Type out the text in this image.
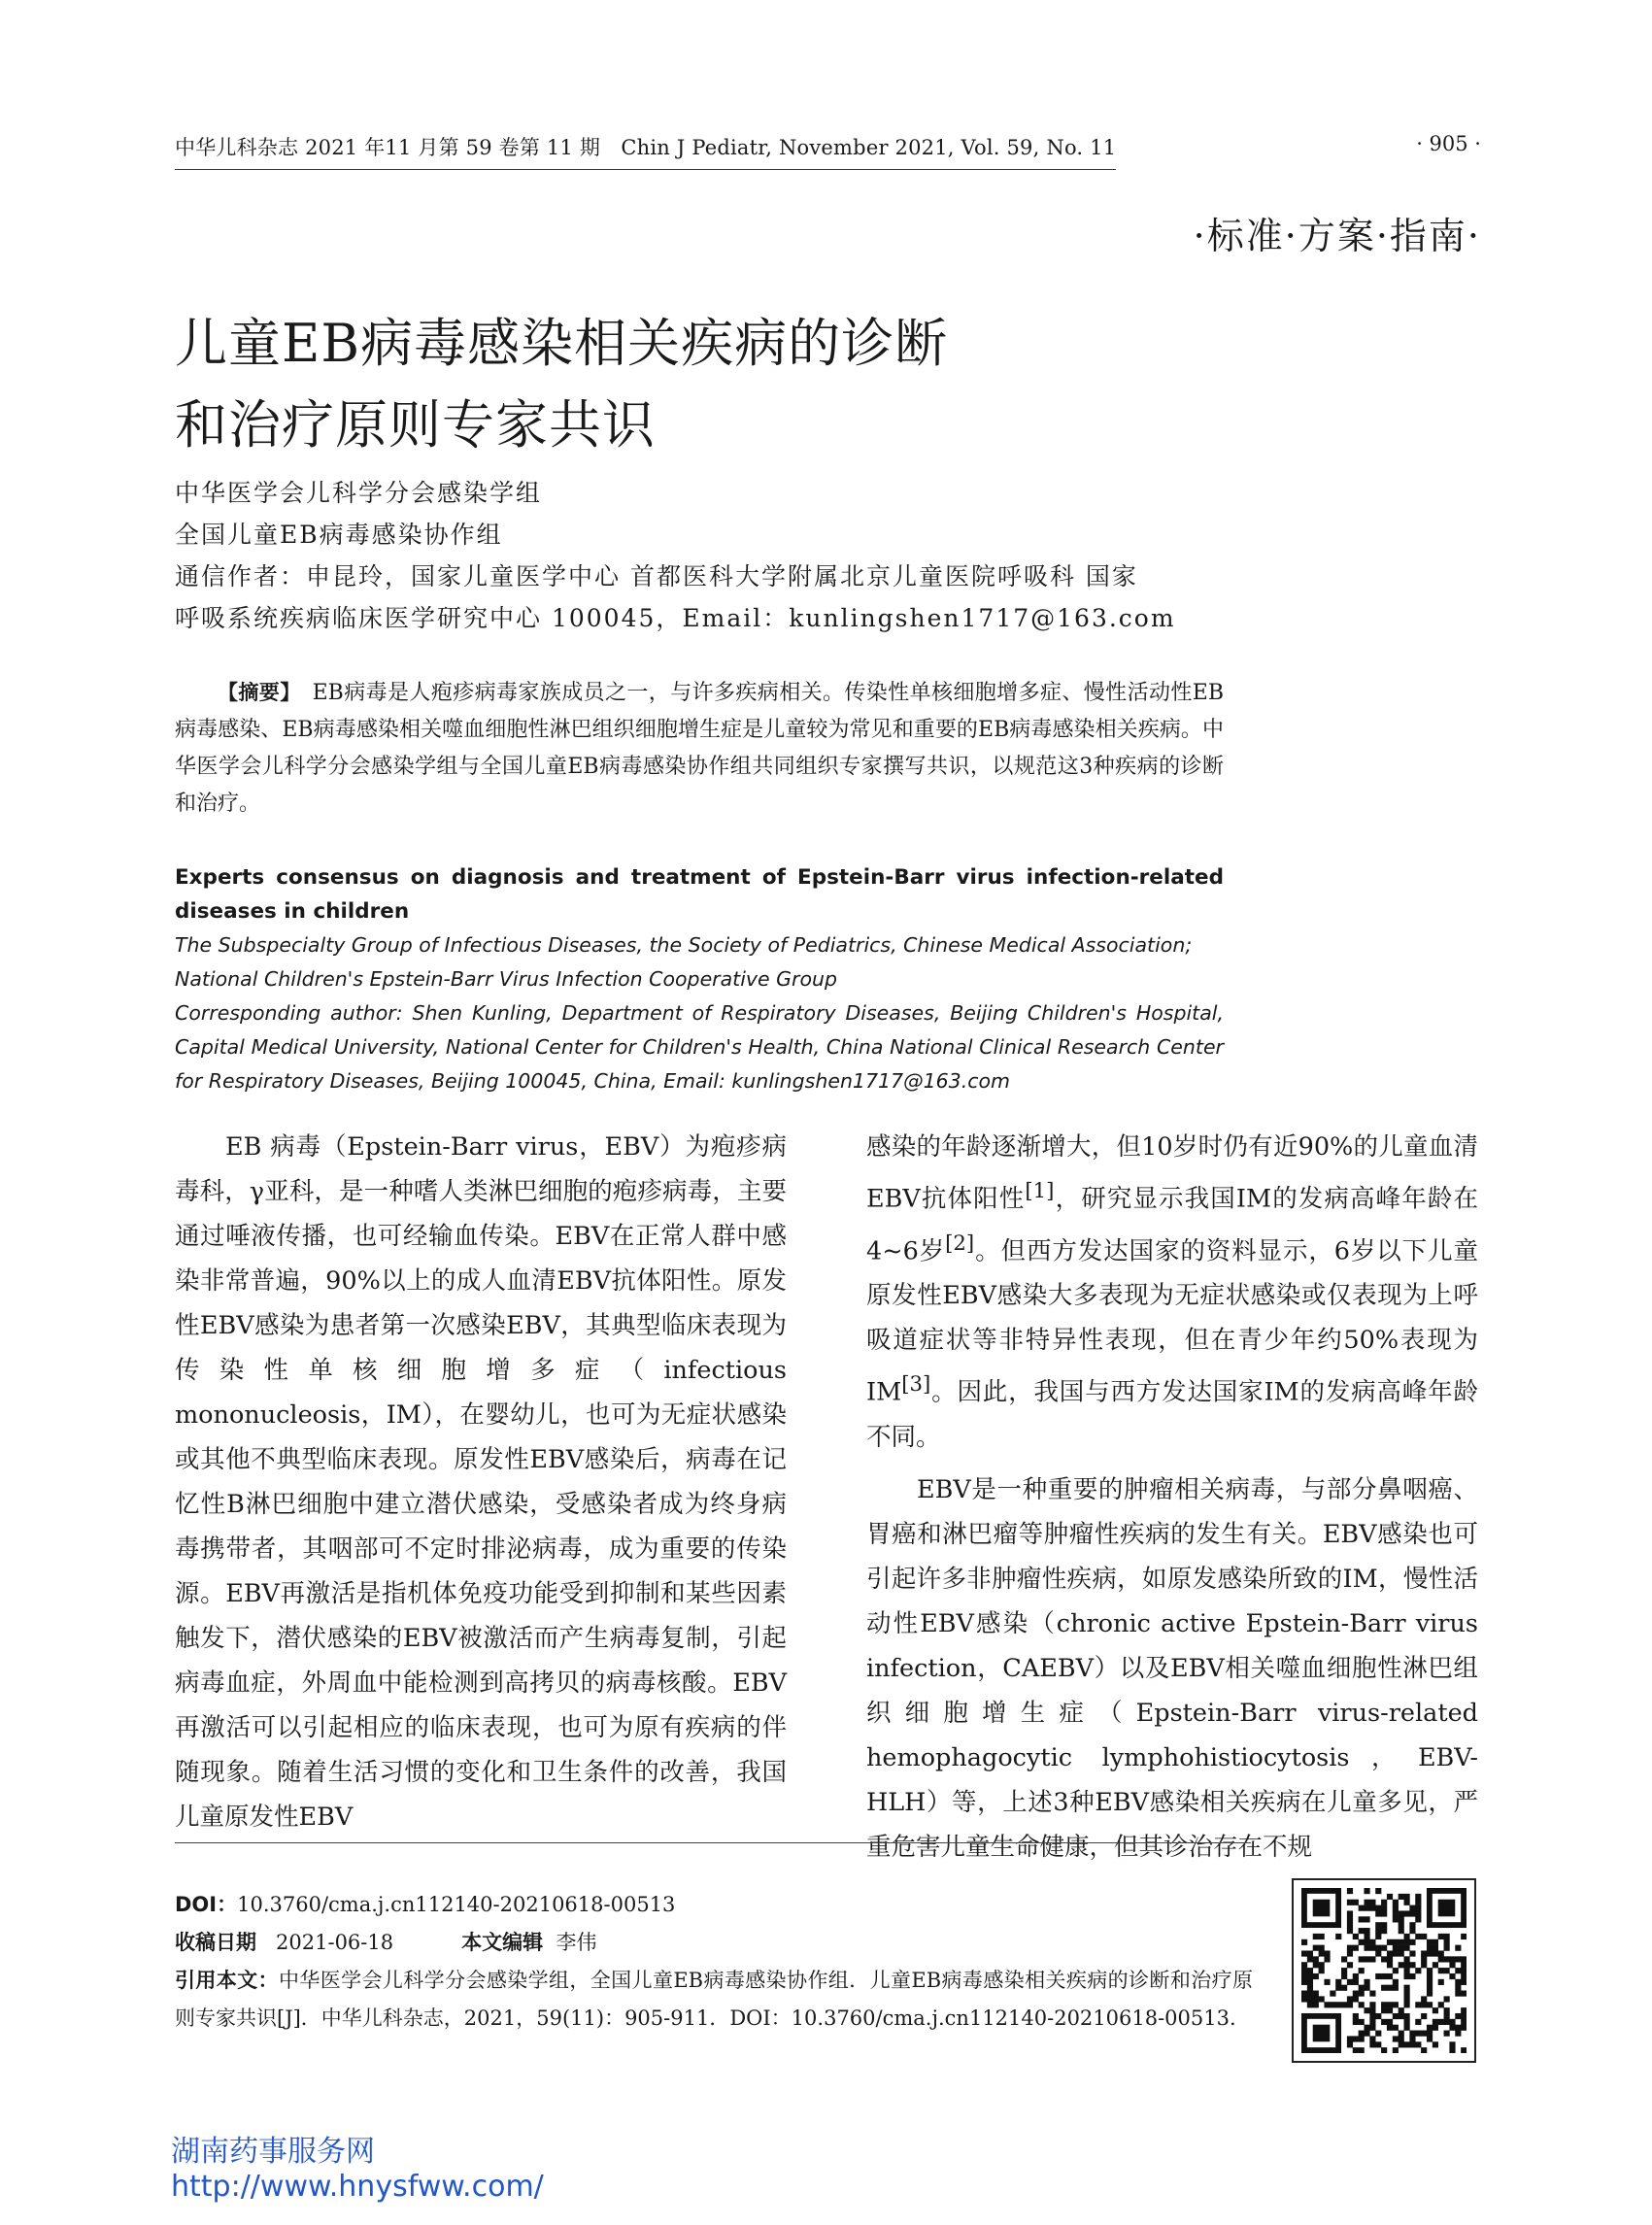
中华儿科杂志 2021 年11 月第 59 卷第 11 期　Chin J Pediatr, November 2021, Vol. 59, No. 11	· 905 ·
·标准·方案·指南·
儿童EB病毒感染相关疾病的诊断
和治疗原则专家共识
中华医学会儿科学分会感染学组
全国儿童EB病毒感染协作组
通信作者：申昆玲，国家儿童医学中心 首都医科大学附属北京儿童医院呼吸科 国家
呼吸系统疾病临床医学研究中心 100045，Email：kunlingshen1717@163.com
【摘要】 EB病毒是人疱疹病毒家族成员之一，与许多疾病相关。传染性单核细胞增多症、慢性活动性EB病毒感染、EB病毒感染相关噬血细胞性淋巴组织细胞增生症是儿童较为常见和重要的EB病毒感染相关疾病。中华医学会儿科学分会感染学组与全国儿童EB病毒感染协作组共同组织专家撰写共识，以规范这3种疾病的诊断和治疗。

Experts consensus on diagnosis and treatment of Epstein-Barr virus infection-related diseases in children

The Subspecialty Group of Infectious Diseases, the Society of Pediatrics, Chinese Medical Association;
National Children's Epstein-Barr Virus Infection Cooperative Group
Corresponding author: Shen Kunling, Department of Respiratory Diseases, Beijing Children's Hospital, Capital Medical University, National Center for Children's Health, China National Clinical Research Center for Respiratory Diseases, Beijing 100045, China, Email: kunlingshen1717@163.com

EB 病毒（Epstein-Barr virus，EBV）为疱疹病毒科，γ亚科，是一种嗜人类淋巴细胞的疱疹病毒，主要通过唾液传播，也可经输血传染。EBV在正常人群中感染非常普遍，90%以上的成人血清EBV抗体阳性。原发性EBV感染为患者第一次感染EBV，其典型临床表现为传染性单核细胞增多症（infectious mononucleosis，IM），在婴幼儿，也可为无症状感染或其他不典型临床表现。原发性EBV感染后，病毒在记忆性B淋巴细胞中建立潜伏感染，受感染者成为终身病毒携带者，其咽部可不定时排泌病毒，成为重要的传染源。EBV再激活是指机体免疫功能受到抑制和某些因素触发下，潜伏感染的EBV被激活而产生病毒复制，引起病毒血症，外周血中能检测到高拷贝的病毒核酸。EBV再激活可以引起相应的临床表现，也可为原有疾病的伴随现象。随着生活习惯的变化和卫生条件的改善，我国儿童原发性EBV

感染的年龄逐渐增大，但10岁时仍有近90%的儿童血清EBV抗体阳性[1]，研究显示我国IM的发病高峰年龄在4~6岁[2]。但西方发达国家的资料显示，6岁以下儿童原发性EBV感染大多表现为无症状感染或仅表现为上呼吸道症状等非特异性表现，但在青少年约50%表现为IM[3]。因此，我国与西方发达国家IM的发病高峰年龄不同。

EBV是一种重要的肿瘤相关病毒，与部分鼻咽癌、胃癌和淋巴瘤等肿瘤性疾病的发生有关。EBV感染也可引起许多非肿瘤性疾病，如原发感染所致的IM，慢性活动性EBV感染（chronic active Epstein-Barr virus infection，CAEBV）以及EBV相关噬血细胞性淋巴组织细胞增生症（Epstein-Barr virus-related hemophagocytic lymphohistiocytosis，EBV-HLH）等，上述3种EBV感染相关疾病在儿童多见，严重危害儿童生命健康，但其诊治存在不规

DOI：10.3760/cma.j.cn112140-20210618-00513
收稿日期 2021-06-18	本文编辑 李伟
引用本文：中华医学会儿科学分会感染学组，全国儿童EB病毒感染协作组．儿童EB病毒感染相关疾病的诊断和治疗原则专家共识[J]．中华儿科杂志，2021，59(11)：905-911．DOI：10.3760/cma.j.cn112140-20210618-00513.
湖南药事服务网
http://www.hnysfww.com/
